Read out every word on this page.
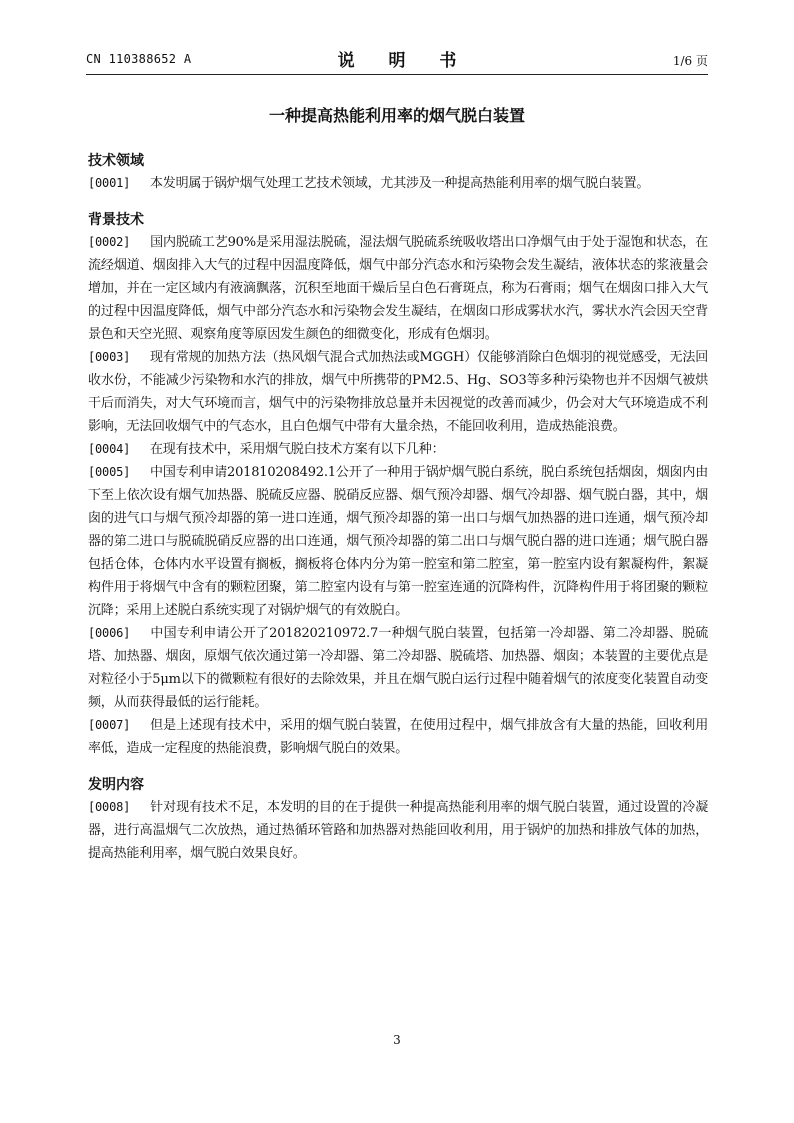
CN 110388652 A	说 明 书	1/6 页
一种提高热能利用率的烟气脱白装置
技术领域

[0001] 本发明属于锅炉烟气处理工艺技术领域，尤其涉及一种提高热能利用率的烟气脱白装置。

背景技术

[0002] 国内脱硫工艺90%是采用湿法脱硫，湿法烟气脱硫系统吸收塔出口净烟气由于处于湿饱和状态，在流经烟道、烟囱排入大气的过程中因温度降低，烟气中部分汽态水和污染物会发生凝结，液体状态的浆液量会增加，并在一定区域内有液滴飘落，沉积至地面干燥后呈白色石膏斑点，称为石膏雨；烟气在烟囱口排入大气的过程中因温度降低，烟气中部分汽态水和污染物会发生凝结，在烟囱口形成雾状水汽，雾状水汽会因天空背景色和天空光照、观察角度等原因发生颜色的细微变化，形成有色烟羽。

[0003] 现有常规的加热方法（热风烟气混合式加热法或MGGH）仅能够消除白色烟羽的视觉感受，无法回收水份，不能减少污染物和水汽的排放，烟气中所携带的PM2.5、Hg、SO3等多种污染物也并不因烟气被烘干后而消失，对大气环境而言，烟气中的污染物排放总量并未因视觉的改善而减少，仍会对大气环境造成不利影响，无法回收烟气中的气态水，且白色烟气中带有大量余热，不能回收利用，造成热能浪费。

[0004] 在现有技术中，采用烟气脱白技术方案有以下几种：

[0005] 中国专利申请201810208492.1公开了一种用于锅炉烟气脱白系统，脱白系统包括烟囱，烟囱内由下至上依次设有烟气加热器、脱硫反应器、脱硝反应器、烟气预冷却器、烟气冷却器、烟气脱白器，其中，烟囱的进气口与烟气预冷却器的第一进口连通，烟气预冷却器的第一出口与烟气加热器的进口连通，烟气预冷却器的第二进口与脱硫脱硝反应器的出口连通，烟气预冷却器的第二出口与烟气脱白器的进口连通；烟气脱白器包括仓体，仓体内水平设置有搁板，搁板将仓体内分为第一腔室和第二腔室，第一腔室内设有絮凝构件，絮凝构件用于将烟气中含有的颗粒团聚，第二腔室内设有与第一腔室连通的沉降构件，沉降构件用于将团聚的颗粒沉降；采用上述脱白系统实现了对锅炉烟气的有效脱白。

[0006] 中国专利申请公开了201820210972.7一种烟气脱白装置，包括第一冷却器、第二冷却器、脱硫塔、加热器、烟囱，原烟气依次通过第一冷却器、第二冷却器、脱硫塔、加热器、烟囱；本装置的主要优点是对粒径小于5μm以下的微颗粒有很好的去除效果，并且在烟气脱白运行过程中随着烟气的浓度变化装置自动变频，从而获得最低的运行能耗。

[0007] 但是上述现有技术中，采用的烟气脱白装置，在使用过程中，烟气排放含有大量的热能，回收利用率低，造成一定程度的热能浪费，影响烟气脱白的效果。

发明内容

[0008] 针对现有技术不足，本发明的目的在于提供一种提高热能利用率的烟气脱白装置，通过设置的冷凝器，进行高温烟气二次放热，通过热循环管路和加热器对热能回收利用，用于锅炉的加热和排放气体的加热，提高热能利用率，烟气脱白效果良好。

3
